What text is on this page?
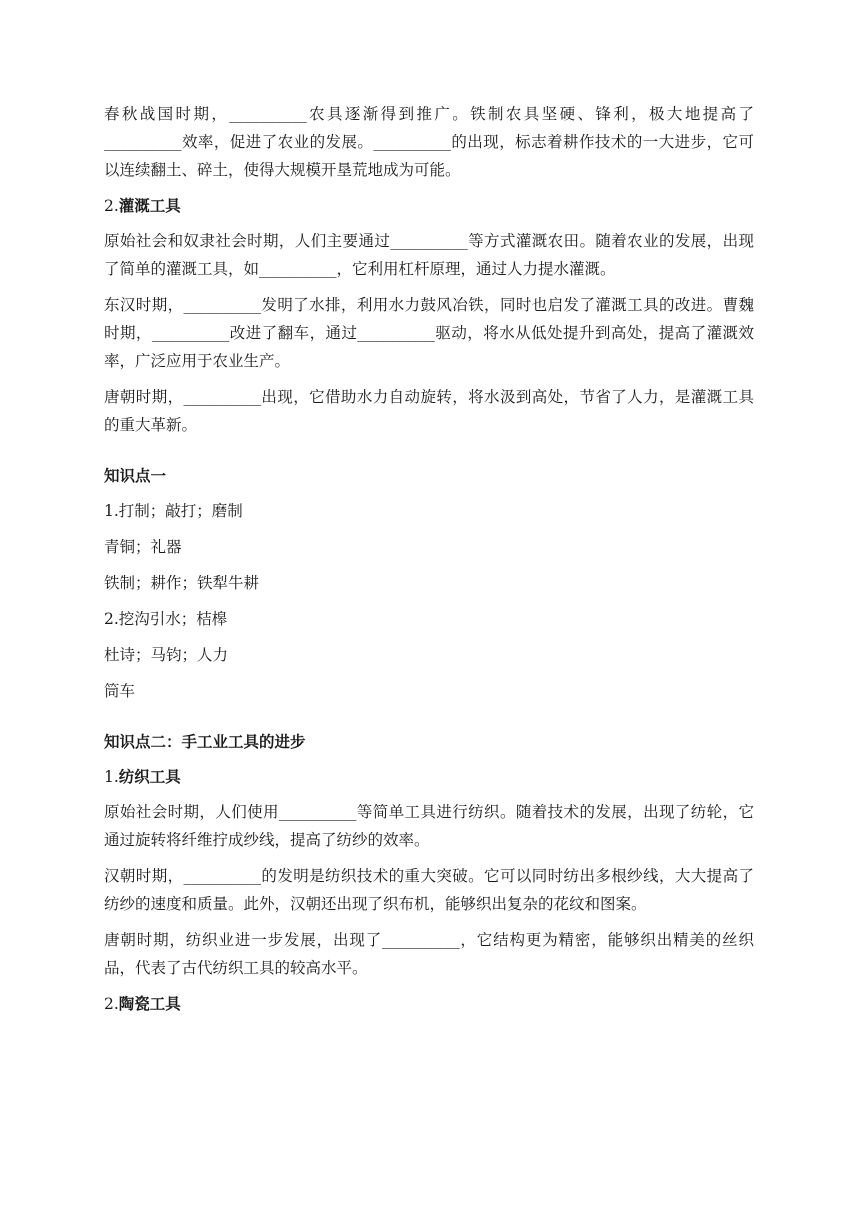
春秋战国时期，__________农具逐渐得到推广。铁制农具坚硬、锋利，极大地提高了__________效率，促进了农业的发展。__________的出现，标志着耕作技术的一大进步，它可以连续翻土、碎土，使得大规模开垦荒地成为可能。

2.灌溉工具

原始社会和奴隶社会时期，人们主要通过__________等方式灌溉农田。随着农业的发展，出现了简单的灌溉工具，如__________，它利用杠杆原理，通过人力提水灌溉。

东汉时期，__________发明了水排，利用水力鼓风冶铁，同时也启发了灌溉工具的改进。曹魏时期，__________改进了翻车，通过__________驱动，将水从低处提升到高处，提高了灌溉效率，广泛应用于农业生产。

唐朝时期，__________出现，它借助水力自动旋转，将水汲到高处，节省了人力，是灌溉工具的重大革新。

知识点一

1.打制；敲打；磨制

青铜；礼器

铁制；耕作；铁犁牛耕

2.挖沟引水；桔槔

杜诗；马钧；人力

筒车

知识点二：手工业工具的进步
1.纺织工具

原始社会时期，人们使用__________等简单工具进行纺织。随着技术的发展，出现了纺轮，它通过旋转将纤维拧成纱线，提高了纺纱的效率。

汉朝时期，__________的发明是纺织技术的重大突破。它可以同时纺出多根纱线，大大提高了纺纱的速度和质量。此外，汉朝还出现了织布机，能够织出复杂的花纹和图案。

唐朝时期，纺织业进一步发展，出现了__________，它结构更为精密，能够织出精美的丝织品，代表了古代纺织工具的较高水平。

2.陶瓷工具
